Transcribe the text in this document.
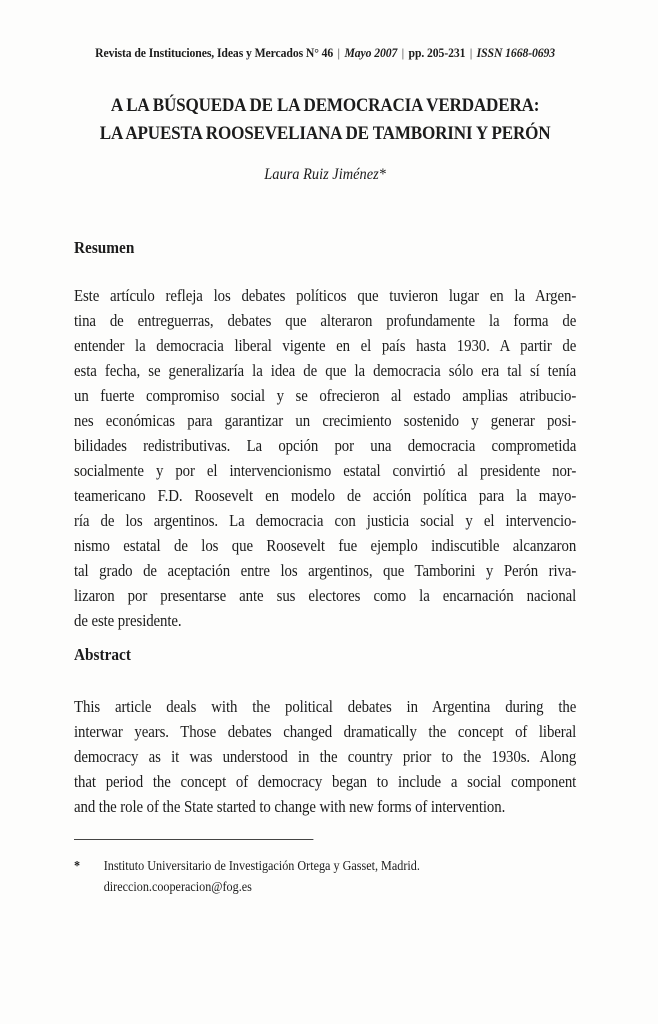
Revista de Instituciones, Ideas y Mercados N° 46 | Mayo 2007 | pp. 205-231 | ISSN 1668-0693
A LA BÚSQUEDA DE LA DEMOCRACIA VERDADERA:
LA APUESTA ROOSEVELIANA DE TAMBORINI Y PERÓN
Laura Ruiz Jiménez*
Resumen
Este artículo refleja los debates políticos que tuvieron lugar en la Argen-
tina de entreguerras, debates que alteraron profundamente la forma de
entender la democracia liberal vigente en el país hasta 1930. A partir de
esta fecha, se generalizaría la idea de que la democracia sólo era tal sí tenía
un fuerte compromiso social y se ofrecieron al estado amplias atribucio-
nes económicas para garantizar un crecimiento sostenido y generar posi-
bilidades redistributivas. La opción por una democracia comprometida
socialmente y por el intervencionismo estatal convirtió al presidente nor-
teamericano F.D. Roosevelt en modelo de acción política para la mayo-
ría de los argentinos. La democracia con justicia social y el intervencio-
nismo estatal de los que Roosevelt fue ejemplo indiscutible alcanzaron
tal grado de aceptación entre los argentinos, que Tamborini y Perón riva-
lizaron por presentarse ante sus electores como la encarnación nacional
de este presidente.
Abstract
This article deals with the political debates in Argentina during the
interwar years. Those debates changed dramatically the concept of liberal
democracy as it was understood in the country prior to the 1930s. Along
that period the concept of democracy began to include a social component
and the role of the State started to change with new forms of intervention.
*	Instituto Universitario de Investigación Ortega y Gasset, Madrid.
direccion.cooperacion@fog.es
